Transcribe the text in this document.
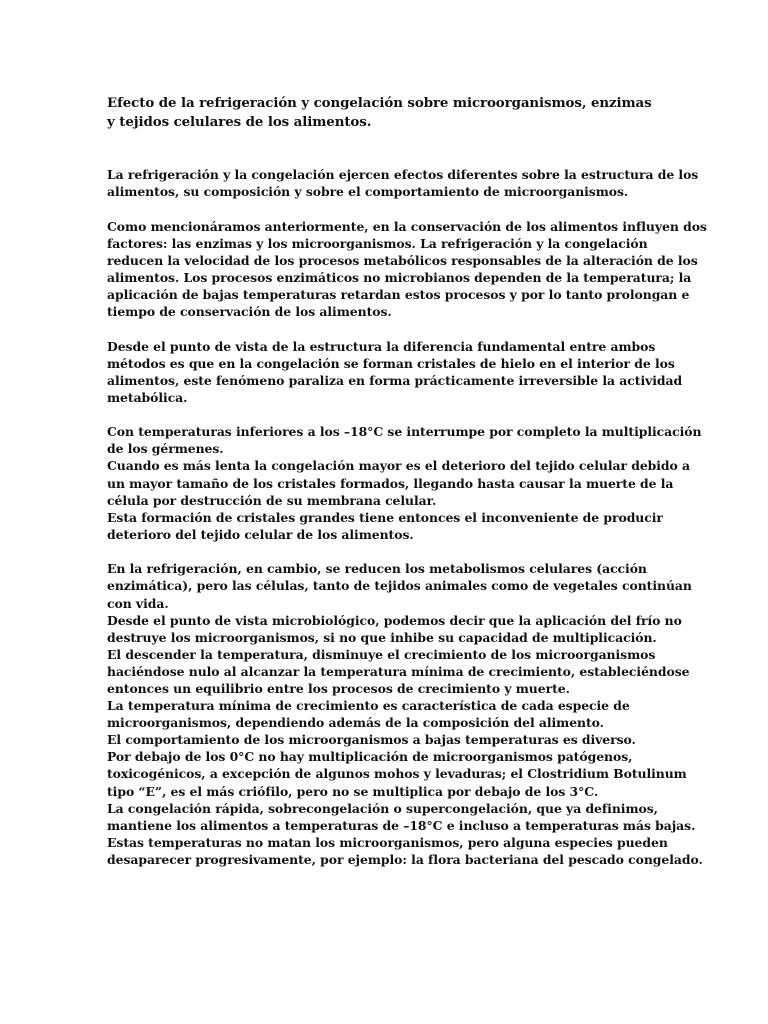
Efecto de la refrigeración y congelación sobre microorganismos, enzimas
y tejidos celulares de los alimentos.

La refrigeración y la congelación ejercen efectos diferentes sobre la estructura de los
alimentos, su composición y sobre el comportamiento de microorganismos.

Como mencionáramos anteriormente, en la conservación de los alimentos influyen dos
factores: las enzimas y los microorganismos. La refrigeración y la congelación
reducen la velocidad de los procesos metabólicos responsables de la alteración de los
alimentos. Los procesos enzimáticos no microbianos dependen de la temperatura; la
aplicación de bajas temperaturas retardan estos procesos y por lo tanto prolongan e
tiempo de conservación de los alimentos.

Desde el punto de vista de la estructura la diferencia fundamental entre ambos
métodos es que en la congelación se forman cristales de hielo en el interior de los
alimentos, este fenómeno paraliza en forma prácticamente irreversible la actividad
metabólica.

Con temperaturas inferiores a los –18°C se interrumpe por completo la multiplicación
de los gérmenes.
Cuando es más lenta la congelación mayor es el deterioro del tejido celular debido a
un mayor tamaño de los cristales formados, llegando hasta causar la muerte de la
célula por destrucción de su membrana celular.
Esta formación de cristales grandes tiene entonces el inconveniente de producir
deterioro del tejido celular de los alimentos.

En la refrigeración, en cambio, se reducen los metabolismos celulares (acción
enzimática), pero las células, tanto de tejidos animales como de vegetales continúan
con vida.
Desde el punto de vista microbiológico, podemos decir que la aplicación del frío no
destruye los microorganismos, si no que inhibe su capacidad de multiplicación.
El descender la temperatura, disminuye el crecimiento de los microorganismos
haciéndose nulo al alcanzar la temperatura mínima de crecimiento, estableciéndose
entonces un equilibrio entre los procesos de crecimiento y muerte.
La temperatura mínima de crecimiento es característica de cada especie de
microorganismos, dependiendo además de la composición del alimento.
El comportamiento de los microorganismos a bajas temperaturas es diverso.
Por debajo de los 0°C no hay multiplicación de microorganismos patógenos,
toxicogénicos, a excepción de algunos mohos y levaduras; el Clostridium Botulinum
tipo “E”, es el más criófilo, pero no se multiplica por debajo de los 3°C.
La congelación rápida, sobrecongelación o supercongelación, que ya definimos,
mantiene los alimentos a temperaturas de –18°C e incluso a temperaturas más bajas.
Estas temperaturas no matan los microorganismos, pero alguna especies pueden
desaparecer progresivamente, por ejemplo: la flora bacteriana del pescado congelado.
